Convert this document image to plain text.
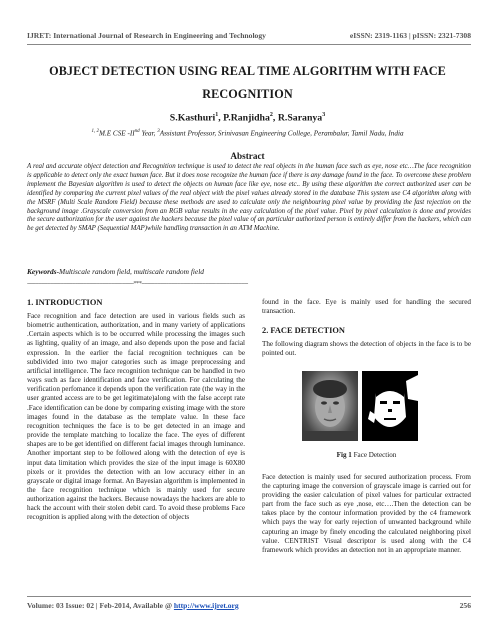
IJRET: International Journal of Research in Engineering and Technology	eISSN: 2319-1163 | pISSN: 2321-7308
OBJECT DETECTION USING REAL TIME ALGORITHM WITH FACE RECOGNITION
S.Kasthuri$^1$, P.Ranjidha$^2$, R.Saranya$^3$
$^{1, 2}$M.E CSE -IInd Year, $^3$Assistant Professor, Srinivasan Engineering College, Perambalur, Tamil Nadu, India
Abstract

A real and accurate object detection and Recognition technique is used to detect the real objects in the human face such as eye, nose etc…The face recognition is applicable to detect only the exact human face. But it does nose recognize the human face if there is any damage found in the face. To overcome these problem implement the Bayesian algorithm is used to detect the objects on human face like eye, nose etc.. By using these algorithm the correct authorized user can be identified by comparing the current pixel values of the real object with the pixel values already stored in the database This system use C4 algorithm along with the MSRF (Multi Scale Random Field) because these methods are used to calculate only the neighbouring pixel value by providing the fast rejection on the background image .Grayscale conversion from an RGB value results in the easy calculation of the pixel value. Pixel by pixel calculation is done and provides the secure authorization for the user against the hackers because the pixel value of an particular authorized person is entirely differ from the hackers, which can be get detected by SMAP (Sequential MAP)while handling transaction in an ATM Machine.

Keywords-Multiscale random field, multiscale random field
--------------------------------------------------------------------***--------------------------------------------------------------------
1. INTRODUCTION

Face recognition and face detection are used in various fields such as biometric authentication, authorization, and in many variety of applications .Certain aspects which is to be occurred while processing the images such as lighting, quality of an image, and also depends upon the pose and facial expression. In the earlier the facial recognition techniques can be subdivided into two major categories such as image preprocessing and artificial intelligence. The face recognition technique can be handled in two ways such as face identification and face verification. For calculating the verification perfomance it depends upon the verification rate (the way in the user granted access are to be get legitimate)along with the false accept rate .Face identification can be done by comparing existing image with the store images found in the database as the template value. In these face recognition techniques the face is to be get detected in an image and provide the template matching to localize the face. The eyes of different shapes are to be get identified on different facial images through luminance. Another important step to be followed along with the detection of eye is input data limitation which provides the size of the input image is 60X80 pixels or it provides the detection with an low accuracy either in an grayscale or digital image format. An Bayesian algorithm is implemented in the face recognition technique which is mainly used for secure authorization against the hackers. Because nowadays the hackers are able to hack the account with their stolen debit card. To avoid these problems Face recognition is applied along with the detection of objects

found in the face. Eye is mainly used for handling the secured transaction.

2. FACE DETECTION

The following diagram shows the detection of objects in the face is to be pointed out.

Fig 1 Face Detection

Face detection is mainly used for secured authorization process. From the capturing image the conversion of grayscale image is carried out for providing the easier calculation of pixel values for particular extracted part from the face such as eye ,nose, etc….Then the detection can be takes place by the contour information provided by the c4 framework which pays the way for early rejection of unwanted background while capturing an image by finely encoding the calculated neighboring pixel value. CENTRIST Visual descriptor is used along with the C4 framework which provides an detection not in an appropriate manner.

Volume: 03 Issue: 02 | Feb-2014, Available @ http://www.ijret.org	256
